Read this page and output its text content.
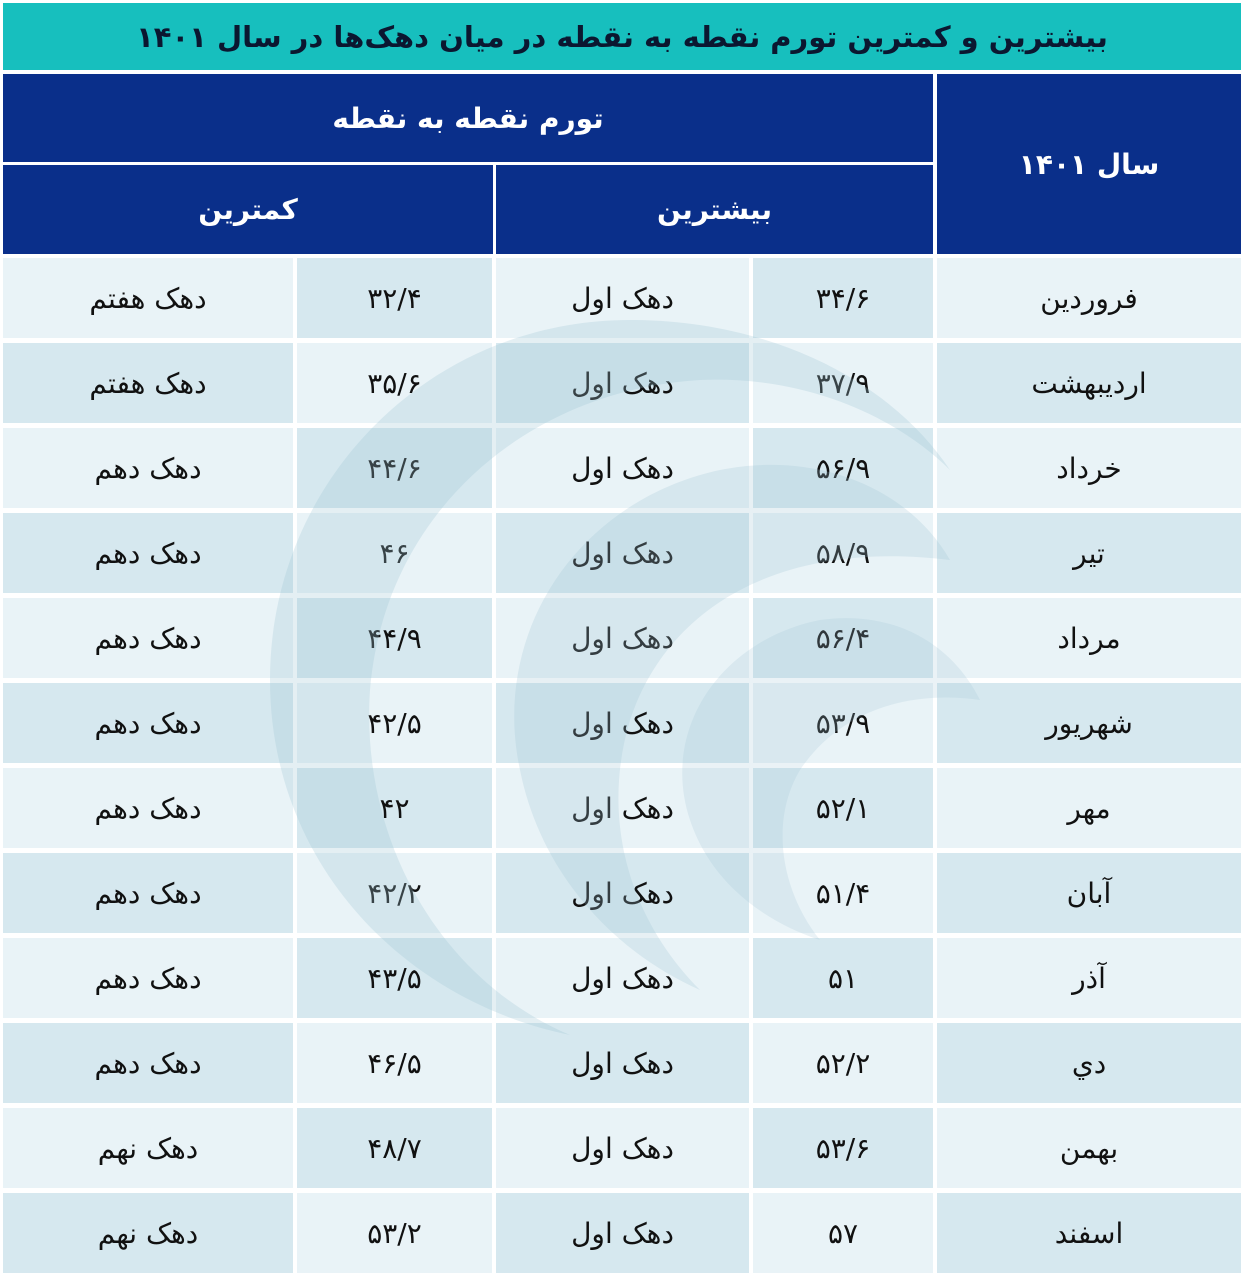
بیشترین و کمترین تورم نقطه به نقطه در میان دهک‌ها در سال ۱۴۰۱
سال ۱۴۰۱
تورم نقطه به نقطه
بیشترین
کمترین
فروردین
۳۴/۶
دهک اول
۳۲/۴
دهک هفتم
اردیبهشت
۳۷/۹
دهک اول
۳۵/۶
دهک هفتم
خرداد
۵۶/۹
دهک اول
۴۴/۶
دهک دهم
تیر
۵۸/۹
دهک اول
۴۶
دهک دهم
مرداد
۵۶/۴
دهک اول
۴۴/۹
دهک دهم
شهریور
۵۳/۹
دهک اول
۴۲/۵
دهک دهم
مهر
۵۲/۱
دهک اول
۴۲
دهک دهم
آبان
۵۱/۴
دهک اول
۴۲/۲
دهک دهم
آذر
۵۱
دهک اول
۴۳/۵
دهک دهم
دي
۵۲/۲
دهک اول
۴۶/۵
دهک دهم
بهمن
۵۳/۶
دهک اول
۴۸/۷
دهک نهم
اسفند
۵۷
دهک اول
۵۳/۲
دهک نهم
